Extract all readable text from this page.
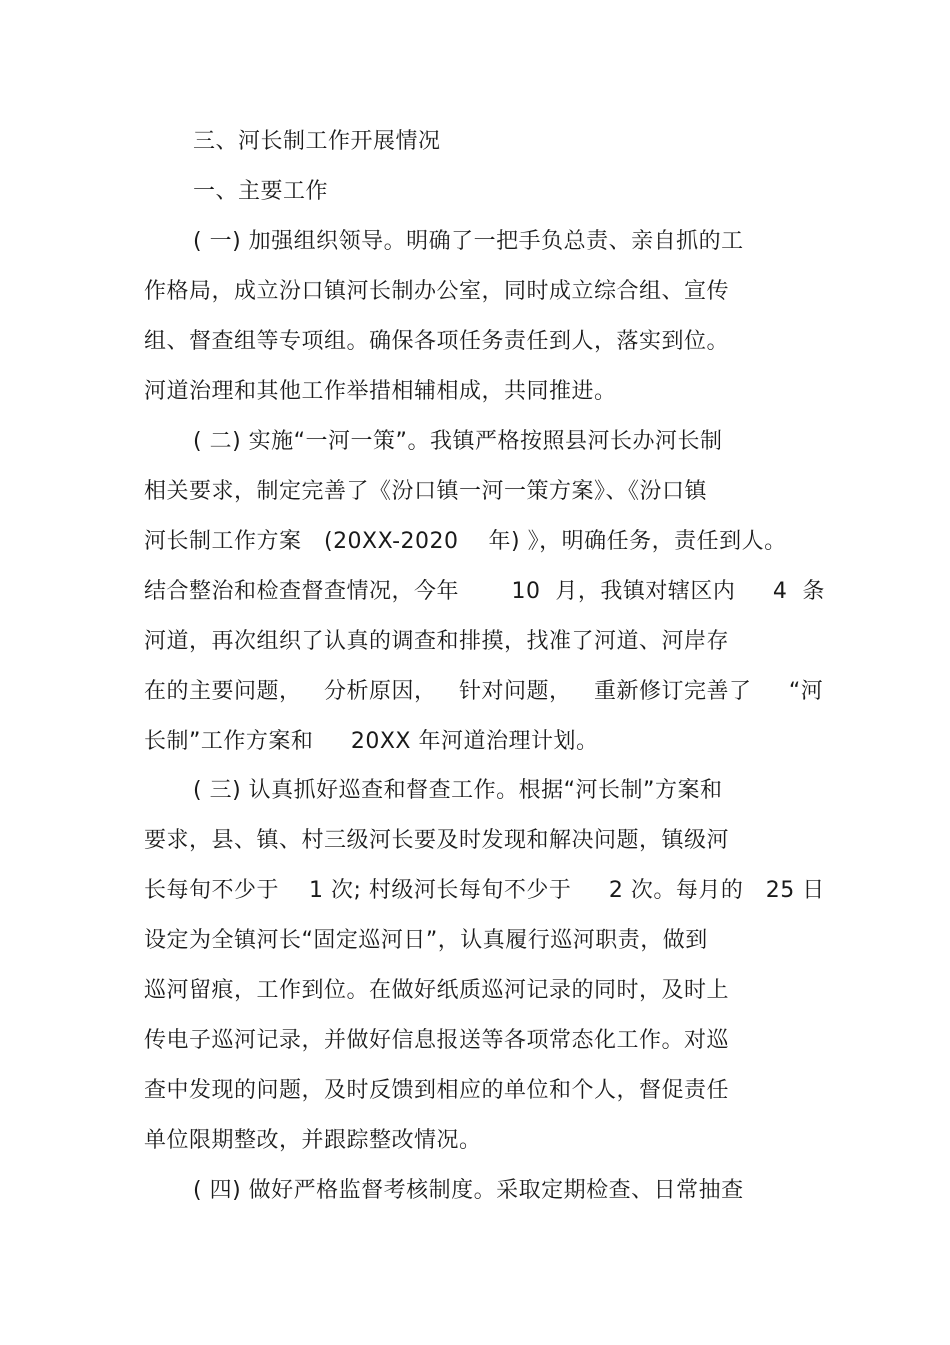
三、河长制工作开展情况
一、主要工作
( 一) 加强组织领导。明确了一把手负总责、亲自抓的工
作格局，成立汾口镇河长制办公室，同时成立综合组、宣传
组、督查组等专项组。确保各项任务责任到人，落实到位。
河道治理和其他工作举措相辅相成，共同推进。
( 二) 实施“一河一策”。我镇严格按照县河长办河长制
相关要求，制定完善了《汾口镇一河一策方案》、《汾口镇
河长制工作方案   (20XX-2020    年) 》，明确任务，责任到人。
结合整治和检查督查情况，今年       10  月，我镇对辖区内     4  条
河道，再次组织了认真的调查和排摸，找准了河道、河岸存
在的主要问题，   分析原因，   针对问题，   重新修订完善了     “河
长制”工作方案和     20XX 年河道治理计划。
( 三) 认真抓好巡查和督查工作。根据“河长制”方案和
要求，县、镇、村三级河长要及时发现和解决问题，镇级河
长每旬不少于    1 次; 村级河长每旬不少于     2 次。每月的   25 日
设定为全镇河长“固定巡河日”，认真履行巡河职责，做到
巡河留痕，工作到位。在做好纸质巡河记录的同时，及时上
传电子巡河记录，并做好信息报送等各项常态化工作。对巡
查中发现的问题，及时反馈到相应的单位和个人，督促责任
单位限期整改，并跟踪整改情况。
( 四) 做好严格监督考核制度。采取定期检查、日常抽查
